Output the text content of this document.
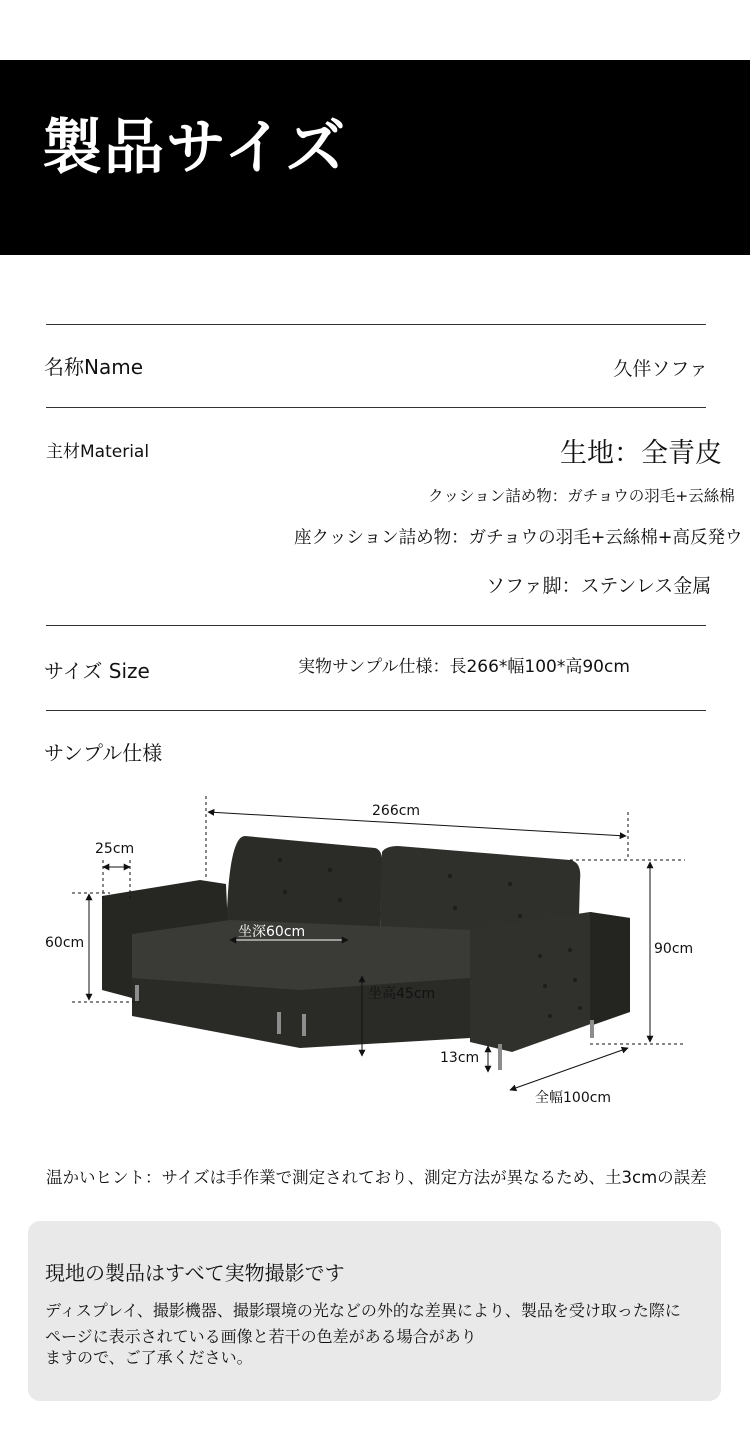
製品サイズ
名称Name	久伴ソファ
主材Material	生地：全青皮
クッション詰め物：ガチョウの羽毛+云絲棉
座クッション詰め物：ガチョウの羽毛+云絲棉+高反発ウ
ソファ脚：ステンレス金属
サイズ Size	実物サンプル仕様：長266*幅100*高90cm
サンプル仕様
266cm
25cm
60cm
坐深60cm
90cm
坐高45cm
13cm
全幅100cm
温かいヒント：サイズは手作業で測定されており、測定方法が異なるため、土3cmの誤差
現地の製品はすべて実物撮影です
ディスプレイ、撮影機器、撮影環境の光などの外的な差異により、製品を受け取った際に
ページに表示されている画像と若干の色差がある場合があり
ますので、ご了承ください。
